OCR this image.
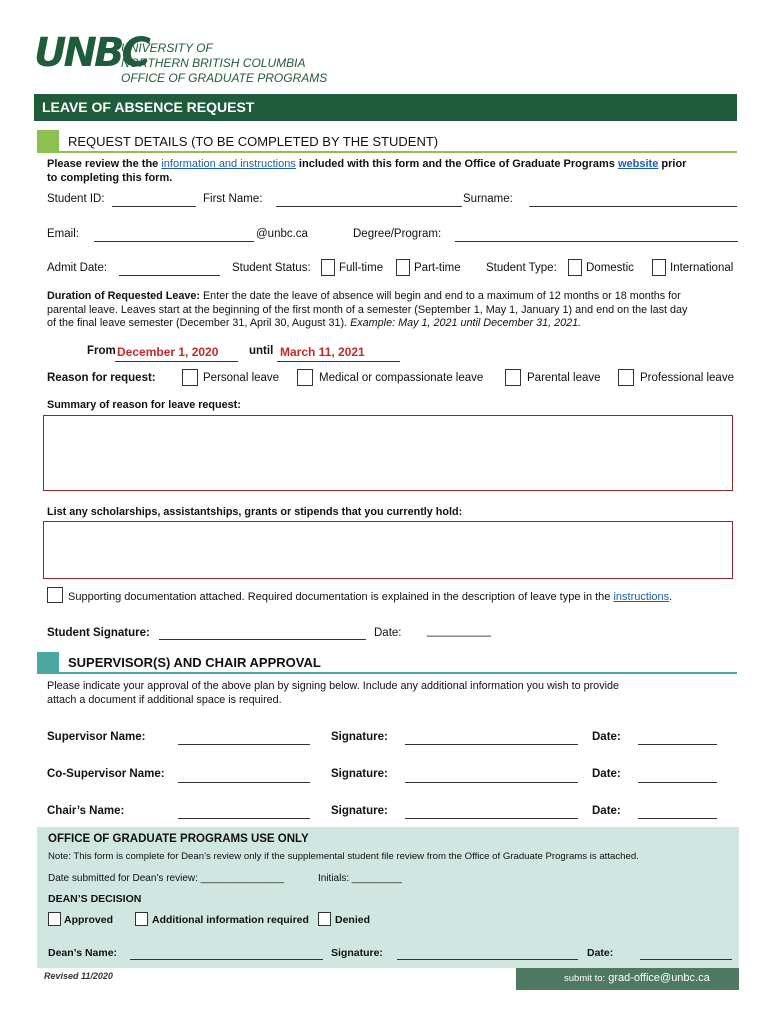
UNBC
UNIVERSITY OF
NORTHERN BRITISH COLUMBIA
OFFICE OF GRADUATE PROGRAMS
LEAVE OF ABSENCE REQUEST
REQUEST DETAILS (TO BE COMPLETED BY THE STUDENT)
Please review the the information and instructions included with this form and the Office of Graduate Programs website prior
to completing this form.
Student ID:	First Name:	Surname:
Email:	@unbc.ca	Degree/Program:
Admit Date:	Student Status: Full-time	Part-time Student Type:	Domestic	International
Duration of Requested Leave: Enter the date the leave of absence will begin and end to a maximum of 12 months or 18 months for
parental leave. Leaves start at the beginning of the first month of a semester (September 1, May 1, January 1) and end on the last day
of the final leave semester (December 31, April 30, August 31). Example: May 1, 2021 until December 31, 2021.
From December 1, 2020	until March 11, 2021
Reason for request:	Personal leave	Medical or compassionate leave	Parental leave	Professional leave
Summary of reason for leave request:
List any scholarships, assistantships, grants or stipends that you currently hold:
Supporting documentation attached. Required documentation is explained in the description of leave type in the instructions.
Student Signature:	Date: __________
SUPERVISOR(S) AND CHAIR APPROVAL
Please indicate your approval of the above plan by signing below. Include any additional information you wish to provide
attach a document if additional space is required.
Supervisor Name:	Signature:	Date:
Co-Supervisor Name:	Signature:	Date:
Chair’s Name:	Signature:	Date:
OFFICE OF GRADUATE PROGRAMS USE ONLY
Note: This form is complete for Dean’s review only if the supplemental student file review from the Office of Graduate Programs is attached.
Date submitted for Dean’s review: _______________	Initials: _________
DEAN’S DECISION
Approved	Additional information required Denied
Dean’s Name:	Signature:	Date:
Revised 11/2020	submit to: grad-office@unbc.ca
